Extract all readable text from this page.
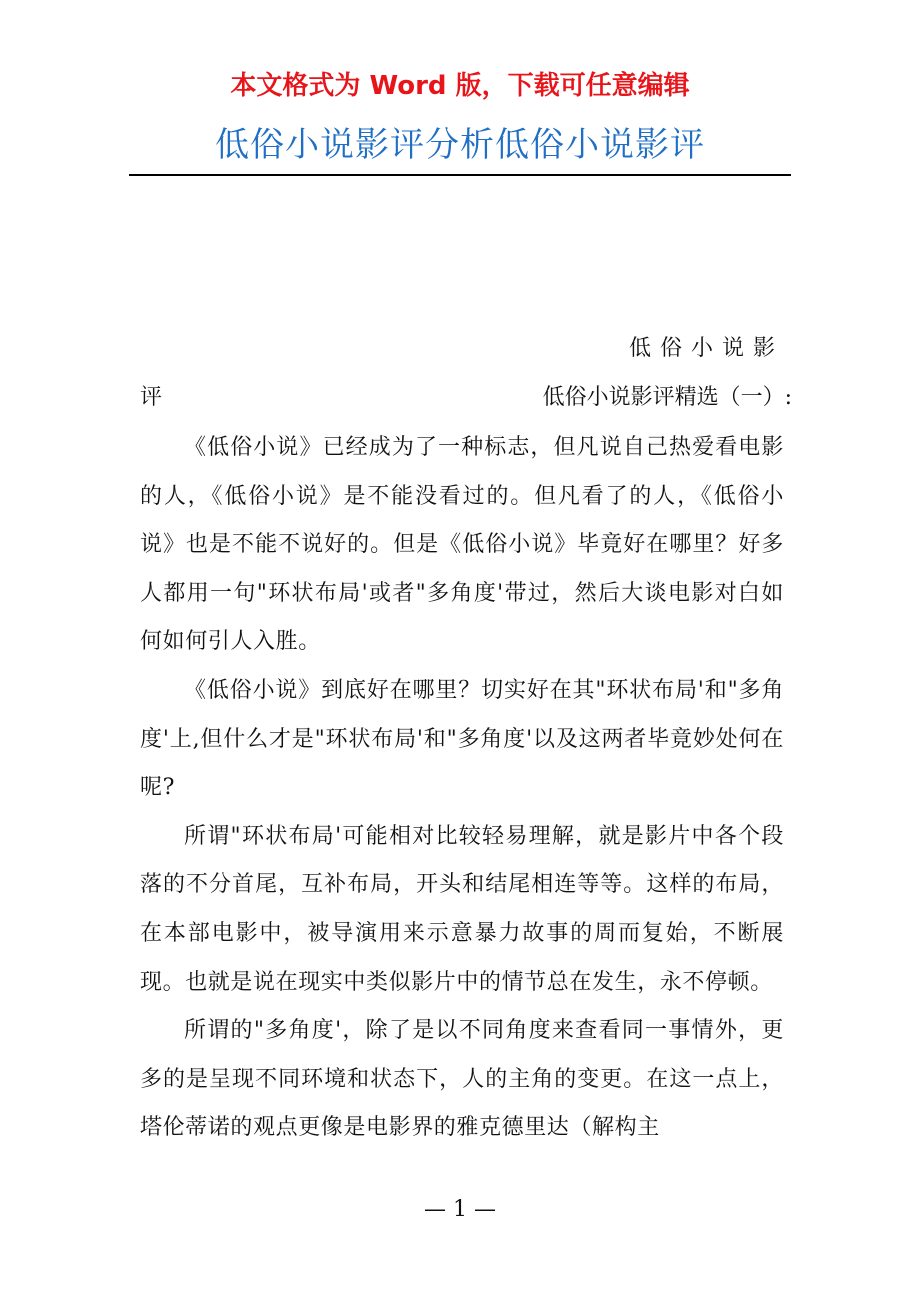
本文格式为 Word 版，下载可任意编辑
低俗小说影评分析低俗小说影评
低俗小说影
评	低俗小说影评精选（一）:

《低俗小说》已经成为了一种标志，但凡说自己热爱看电影的人，《低俗小说》是不能没看过的。但凡看了的人，《低俗小说》也是不能不说好的。但是《低俗小说》毕竟好在哪里？好多人都用一句"环状布局'或者"多角度'带过，然后大谈电影对白如何如何引人入胜。

《低俗小说》到底好在哪里？切实好在其"环状布局'和"多角度'上,但什么才是"环状布局'和"多角度'以及这两者毕竟妙处何在呢?

所谓"环状布局'可能相对比较轻易理解，就是影片中各个段落的不分首尾，互补布局，开头和结尾相连等等。这样的布局，在本部电影中，被导演用来示意暴力故事的周而复始，不断展现。也就是说在现实中类似影片中的情节总在发生，永不停顿。

所谓的"多角度'，除了是以不同角度来查看同一事情外，更多的是呈现不同环境和状态下，人的主角的变更。在这一点上，塔伦蒂诺的观点更像是电影界的雅克德里达（解构主

— 1 —
